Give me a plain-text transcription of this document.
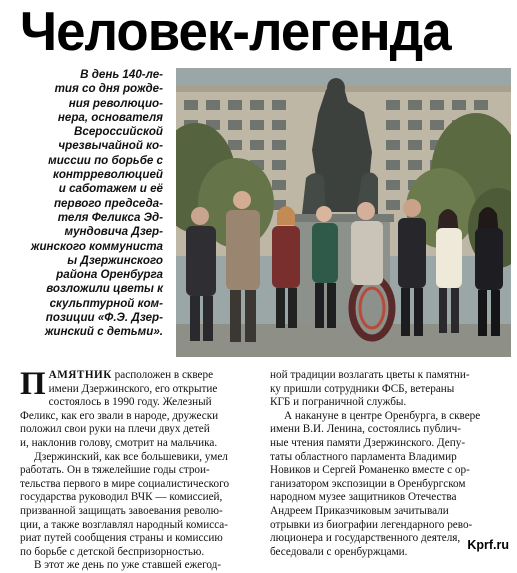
Человек-легенда
В день 140-ле-
тия со дня рожде-
ния революцио-
нера, основателя
Всероссийской
чрезвычайной ко-
миссии по борьбе с
контрреволюцией
и саботажем и её
первого председа-
теля Феликса Эд-
мундовича Дзер-
жинского коммуниста
ы Дзержинского
района Оренбурга
возложили цветы к
скульптурной ком-
позиции «Ф.Э. Дзер-
жинский с детьми».

ПАМЯТНИК расположен в сквере
имени Дзержинского, его открытие
состоялось в 1990 году. Железный
Феликс, как его звали в народе, дружески
положил свои руки на плечи двух детей
и, наклонив голову, смотрит на мальчика.

Дзержинский, как все большевики, умел
работать. Он в тяжелейшие годы строи-
тельства первого в мире социалистического
государства руководил ВЧК — комиссией,
призванной защищать завоевания револю-
ции, а также возглавлял народный комисса-
риат путей сообщения страны и комиссию
по борьбе с детской беспризорностью.

В этот же день по уже ставшей ежегод-

ной традиции возлагать цветы к памятни-
ку пришли сотрудники ФСБ, ветераны
КГБ и пограничной службы.

А накануне в центре Оренбурга, в сквере
имени В.И. Ленина, состоялись публич-
ные чтения памяти Дзержинского. Депу-
таты областного парламента Владимир
Новиков и Сергей Романенко вместе с ор-
ганизатором экспозиции в Оренбургском
народном музее защитников Отечества
Андреем Приказчиковым зачитывали
отрывки из биографии легендарного рево-
люционера и государственного деятеля,
беседовали с оренбуржцами.	Kprf.ru
